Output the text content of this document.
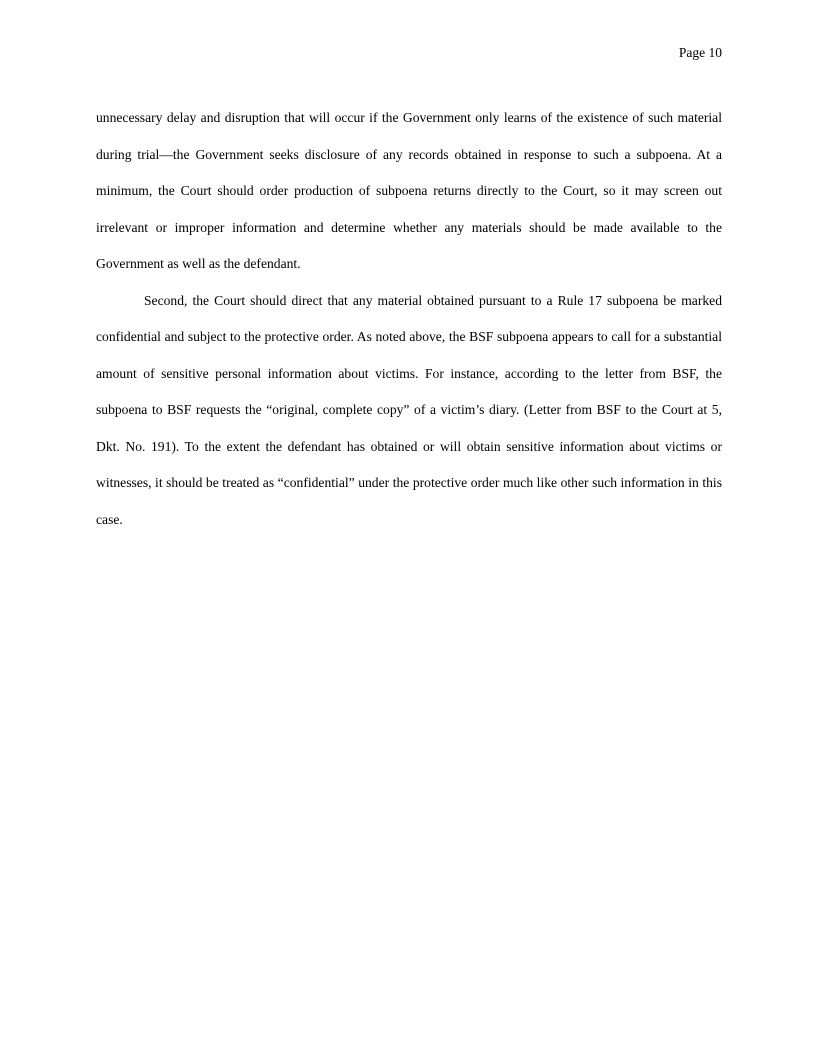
Page 10

unnecessary delay and disruption that will occur if the Government only learns of the existence of such material during trial—the Government seeks disclosure of any records obtained in response to such a subpoena. At a minimum, the Court should order production of subpoena returns directly to the Court, so it may screen out irrelevant or improper information and determine whether any materials should be made available to the Government as well as the defendant.

Second, the Court should direct that any material obtained pursuant to a Rule 17 subpoena be marked confidential and subject to the protective order. As noted above, the BSF subpoena appears to call for a substantial amount of sensitive personal information about victims. For instance, according to the letter from BSF, the subpoena to BSF requests the “original, complete copy” of a victim’s diary. (Letter from BSF to the Court at 5, Dkt. No. 191). To the extent the defendant has obtained or will obtain sensitive information about victims or witnesses, it should be treated as “confidential” under the protective order much like other such information in this case.
